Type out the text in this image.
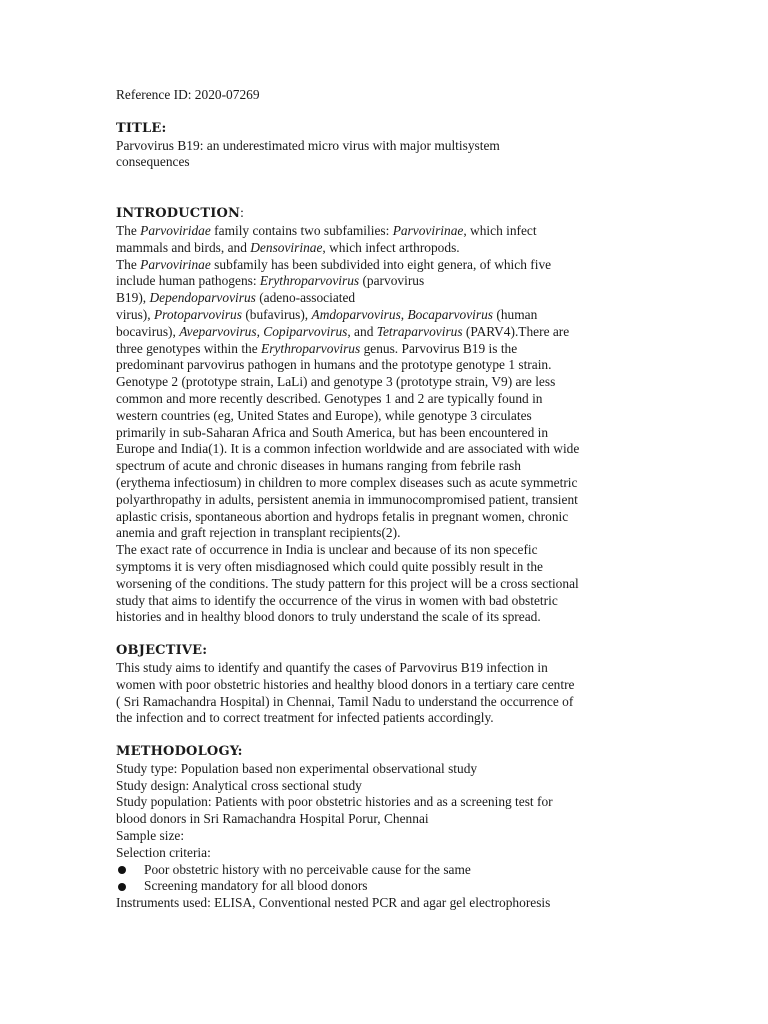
Reference ID: 2020-07269
TITLE:
Parvovirus B19: an underestimated micro virus with major multisystem
consequences
INTRODUCTION:
The Parvoviridae family contains two subfamilies: Parvovirinae, which infect
mammals and birds, and Densovirinae, which infect arthropods.
The Parvovirinae subfamily has been subdivided into eight genera, of which five
include human pathogens: Erythroparvovirus (parvovirus
B19), Dependoparvovirus (adeno-associated
virus), Protoparvovirus (bufavirus), Amdoparvovirus, Bocaparvovirus (human
bocavirus), Aveparvovirus, Copiparvovirus, and Tetraparvovirus (PARV4).There are
three genotypes within the Erythroparvovirus genus. Parvovirus B19 is the
predominant parvovirus pathogen in humans and the prototype genotype 1 strain.
Genotype 2 (prototype strain, LaLi) and genotype 3 (prototype strain, V9) are less
common and more recently described. Genotypes 1 and 2 are typically found in
western countries (eg, United States and Europe), while genotype 3 circulates
primarily in sub-Saharan Africa and South America, but has been encountered in
Europe and India(1). It is a common infection worldwide and are associated with wide
spectrum of acute and chronic diseases in humans ranging from febrile rash
(erythema infectiosum) in children to more complex diseases such as acute symmetric
polyarthropathy in adults, persistent anemia in immunocompromised patient, transient
aplastic crisis, spontaneous abortion and hydrops fetalis in pregnant women, chronic
anemia and graft rejection in transplant recipients(2).
The exact rate of occurrence in India is unclear and because of its non specefic
symptoms it is very often misdiagnosed which could quite possibly result in the
worsening of the conditions. The study pattern for this project will be a cross sectional
study that aims to identify the occurrence of the virus in women with bad obstetric
histories and in healthy blood donors to truly understand the scale of its spread.
OBJECTIVE:
This study aims to identify and quantify the cases of Parvovirus B19 infection in
women with poor obstetric histories and healthy blood donors in a tertiary care centre
( Sri Ramachandra Hospital) in Chennai, Tamil Nadu to understand the occurrence of
the infection and to correct treatment for infected patients accordingly.
METHODOLOGY:
Study type: Population based non experimental observational study
Study design: Analytical cross sectional study
Study population: Patients with poor obstetric histories and as a screening test for
blood donors in Sri Ramachandra Hospital Porur, Chennai
Sample size:
Selection criteria:
Poor obstetric history with no perceivable cause for the same
Screening mandatory for all blood donors
Instruments used: ELISA, Conventional nested PCR and agar gel electrophoresis
